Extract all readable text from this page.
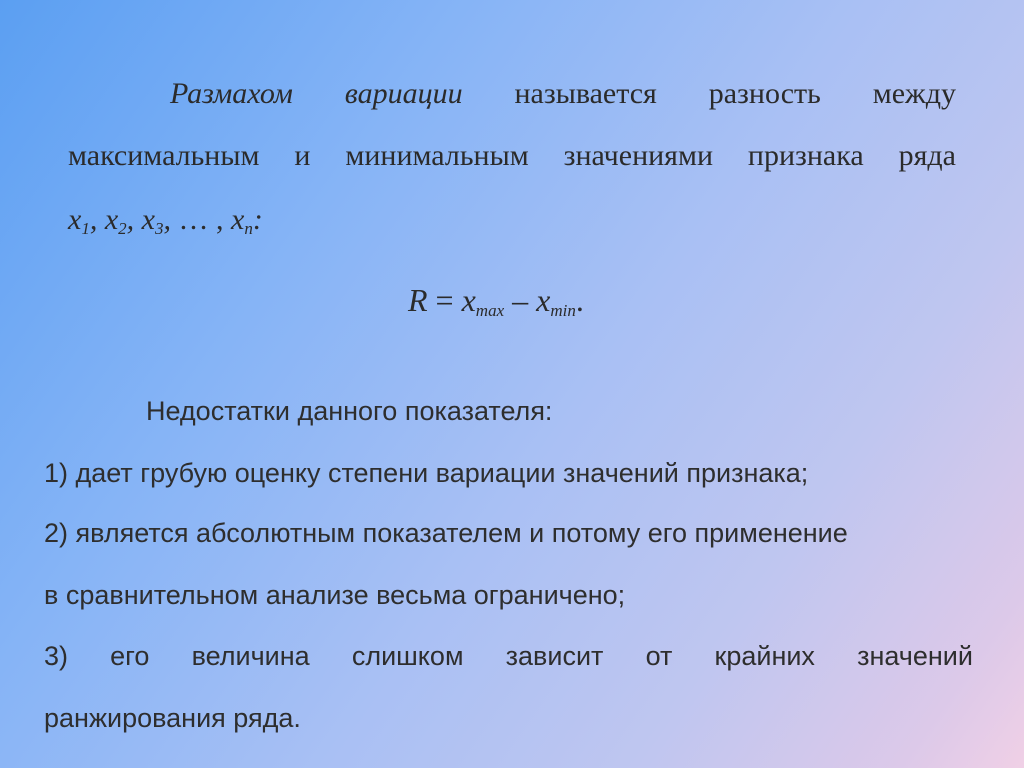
Размахом вариации называется разность между
максимальным и минимальным значениями признака ряда
$x_1$, $x_2$, $x_3$, … , $x_n$:
$R = x_{max} - x_{min}$.
Недостатки данного показателя:
1) дает грубую оценку степени вариации значений признака;
2) является абсолютным показателем и потому его применение
в сравнительном анализе весьма ограничено;
3) его величина слишком зависит от крайних значений
ранжирования ряда.
